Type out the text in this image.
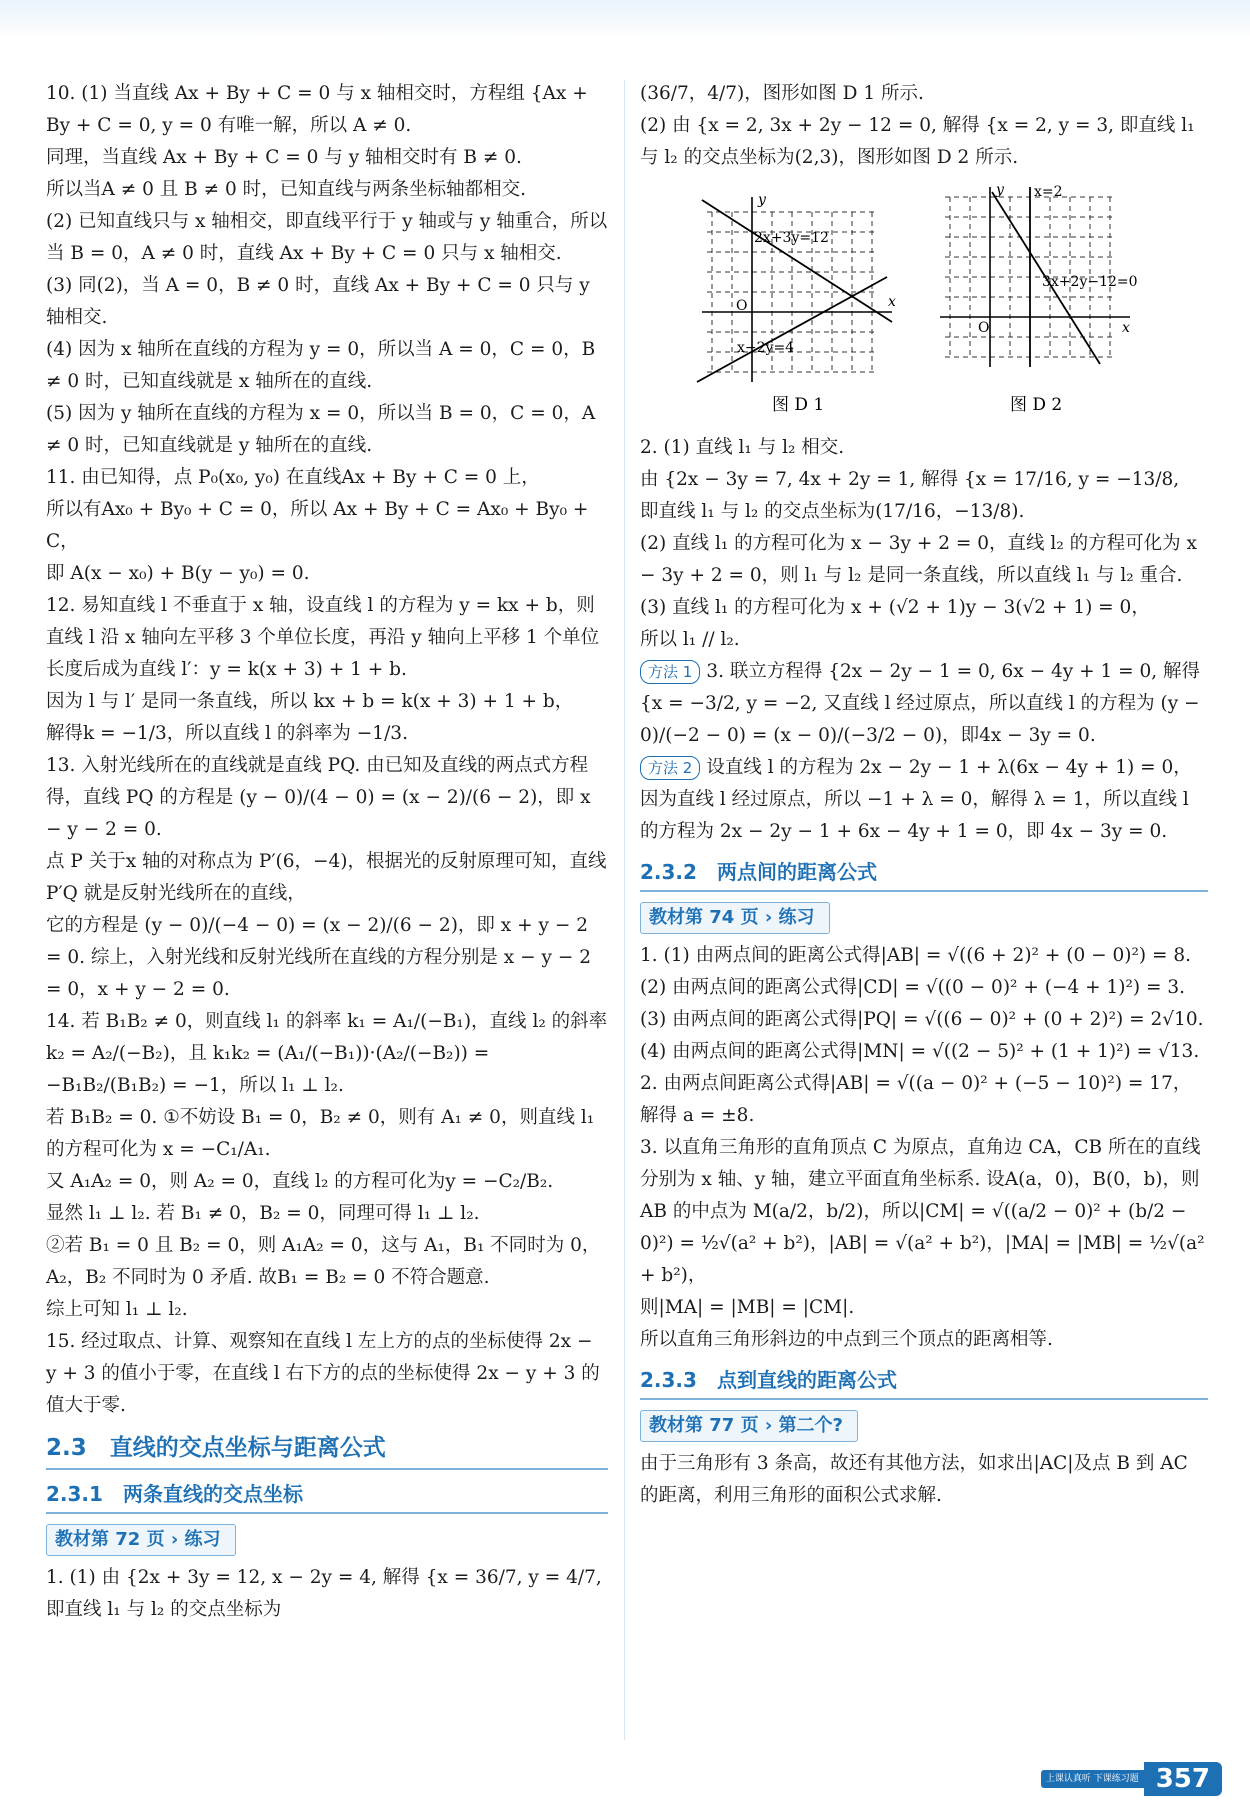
10. (1) 当直线 Ax + By + C = 0 与 x 轴相交时，方程组 {Ax + By + C = 0, y = 0 有唯一解，所以 A ≠ 0.

同理，当直线 Ax + By + C = 0 与 y 轴相交时有 B ≠ 0.

所以当A ≠ 0 且 B ≠ 0 时，已知直线与两条坐标轴都相交.

(2) 已知直线只与 x 轴相交，即直线平行于 y 轴或与 y 轴重合，所以当 B = 0，A ≠ 0 时，直线 Ax + By + C = 0 只与 x 轴相交.

(3) 同(2)，当 A = 0，B ≠ 0 时，直线 Ax + By + C = 0 只与 y 轴相交.

(4) 因为 x 轴所在直线的方程为 y = 0，所以当 A = 0，C = 0，B ≠ 0 时，已知直线就是 x 轴所在的直线.

(5) 因为 y 轴所在直线的方程为 x = 0，所以当 B = 0，C = 0，A ≠ 0 时，已知直线就是 y 轴所在的直线.

11. 由已知得，点 P₀(x₀, y₀) 在直线Ax + By + C = 0 上，

所以有Ax₀ + By₀ + C = 0，所以 Ax + By + C = Ax₀ + By₀ + C，

即 A(x − x₀) + B(y − y₀) = 0.

12. 易知直线 l 不垂直于 x 轴，设直线 l 的方程为 y = kx + b，则直线 l 沿 x 轴向左平移 3 个单位长度，再沿 y 轴向上平移 1 个单位长度后成为直线 l′：y = k(x + 3) + 1 + b.

因为 l 与 l′ 是同一条直线，所以 kx + b = k(x + 3) + 1 + b，

解得k = −1/3，所以直线 l 的斜率为 −1/3.

13. 入射光线所在的直线就是直线 PQ. 由已知及直线的两点式方程得，直线 PQ 的方程是 (y − 0)/(4 − 0) = (x − 2)/(6 − 2)，即 x − y − 2 = 0.

点 P 关于x 轴的对称点为 P′(6，−4)，根据光的反射原理可知，直线 P′Q 就是反射光线所在的直线，

它的方程是 (y − 0)/(−4 − 0) = (x − 2)/(6 − 2)，即 x + y − 2 = 0. 综上，入射光线和反射光线所在直线的方程分别是 x − y − 2 = 0，x + y − 2 = 0.

14. 若 B₁B₂ ≠ 0，则直线 l₁ 的斜率 k₁ = A₁/(−B₁)，直线 l₂ 的斜率 k₂ = A₂/(−B₂)，且 k₁k₂ = (A₁/(−B₁))·(A₂/(−B₂)) = −B₁B₂/(B₁B₂) = −1，所以 l₁ ⊥ l₂.

若 B₁B₂ = 0. ①不妨设 B₁ = 0，B₂ ≠ 0，则有 A₁ ≠ 0，则直线 l₁ 的方程可化为 x = −C₁/A₁.

又 A₁A₂ = 0，则 A₂ = 0，直线 l₂ 的方程可化为y = −C₂/B₂.

显然 l₁ ⊥ l₂. 若 B₁ ≠ 0，B₂ = 0，同理可得 l₁ ⊥ l₂.

②若 B₁ = 0 且 B₂ = 0，则 A₁A₂ = 0，这与 A₁，B₁ 不同时为 0，A₂，B₂ 不同时为 0 矛盾. 故B₁ = B₂ = 0 不符合题意.

综上可知 l₁ ⊥ l₂.

15. 经过取点、计算、观察知在直线 l 左上方的点的坐标使得 2x − y + 3 的值小于零，在直线 l 右下方的点的坐标使得 2x − y + 3 的值大于零.

2.3　直线的交点坐标与距离公式
2.3.1　两条直线的交点坐标
教材第 72 页 › 练习

1. (1) 由 {2x + 3y = 12, x − 2y = 4, 解得 {x = 36/7, y = 4/7, 即直线 l₁ 与 l₂ 的交点坐标为

(36/7，4/7)，图形如图 D 1 所示.

(2) 由 {x = 2, 3x + 2y − 12 = 0, 解得 {x = 2, y = 3, 即直线 l₁ 与 l₂ 的交点坐标为(2,3)，图形如图 D 2 所示.

2x+3y=12
x−2y=4
x
y
O
图 D 1
x=2
3x+2y−12=0
x
y
O
图 D 2

2. (1) 直线 l₁ 与 l₂ 相交.

由 {2x − 3y = 7, 4x + 2y = 1, 解得 {x = 17/16, y = −13/8,

即直线 l₁ 与 l₂ 的交点坐标为(17/16，−13/8).

(2) 直线 l₁ 的方程可化为 x − 3y + 2 = 0，直线 l₂ 的方程可化为 x − 3y + 2 = 0，则 l₁ 与 l₂ 是同一条直线，所以直线 l₁ 与 l₂ 重合.

(3) 直线 l₁ 的方程可化为 x + (√2 + 1)y − 3(√2 + 1) = 0，

所以 l₁ // l₂.

方法 1 3. 联立方程得 {2x − 2y − 1 = 0, 6x − 4y + 1 = 0, 解得 {x = −3/2, y = −2, 又直线 l 经过原点，所以直线 l 的方程为 (y − 0)/(−2 − 0) = (x − 0)/(−3/2 − 0)，即4x − 3y = 0.

方法 2 设直线 l 的方程为 2x − 2y − 1 + λ(6x − 4y + 1) = 0，因为直线 l 经过原点，所以 −1 + λ = 0，解得 λ = 1，所以直线 l 的方程为 2x − 2y − 1 + 6x − 4y + 1 = 0，即 4x − 3y = 0.

2.3.2　两点间的距离公式
教材第 74 页 › 练习

1. (1) 由两点间的距离公式得|AB| = √((6 + 2)² + (0 − 0)²) = 8.

(2) 由两点间的距离公式得|CD| = √((0 − 0)² + (−4 + 1)²) = 3.

(3) 由两点间的距离公式得|PQ| = √((6 − 0)² + (0 + 2)²) = 2√10.

(4) 由两点间的距离公式得|MN| = √((2 − 5)² + (1 + 1)²) = √13.

2. 由两点间距离公式得|AB| = √((a − 0)² + (−5 − 10)²) = 17，解得 a = ±8.

3. 以直角三角形的直角顶点 C 为原点，直角边 CA，CB 所在的直线分别为 x 轴、y 轴，建立平面直角坐标系. 设A(a，0)，B(0，b)，则 AB 的中点为 M(a/2，b/2)，所以|CM| = √((a/2 − 0)² + (b/2 − 0)²) = ½√(a² + b²)，|AB| = √(a² + b²)，|MA| = |MB| = ½√(a² + b²)，

则|MA| = |MB| = |CM|.

所以直角三角形斜边的中点到三个顶点的距离相等.

2.3.3　点到直线的距离公式
教材第 77 页 › 第二个?

由于三角形有 3 条高，故还有其他方法，如求出|AC|及点 B 到 AC 的距离，利用三角形的面积公式求解.

上课认真听 下课练习题 357
